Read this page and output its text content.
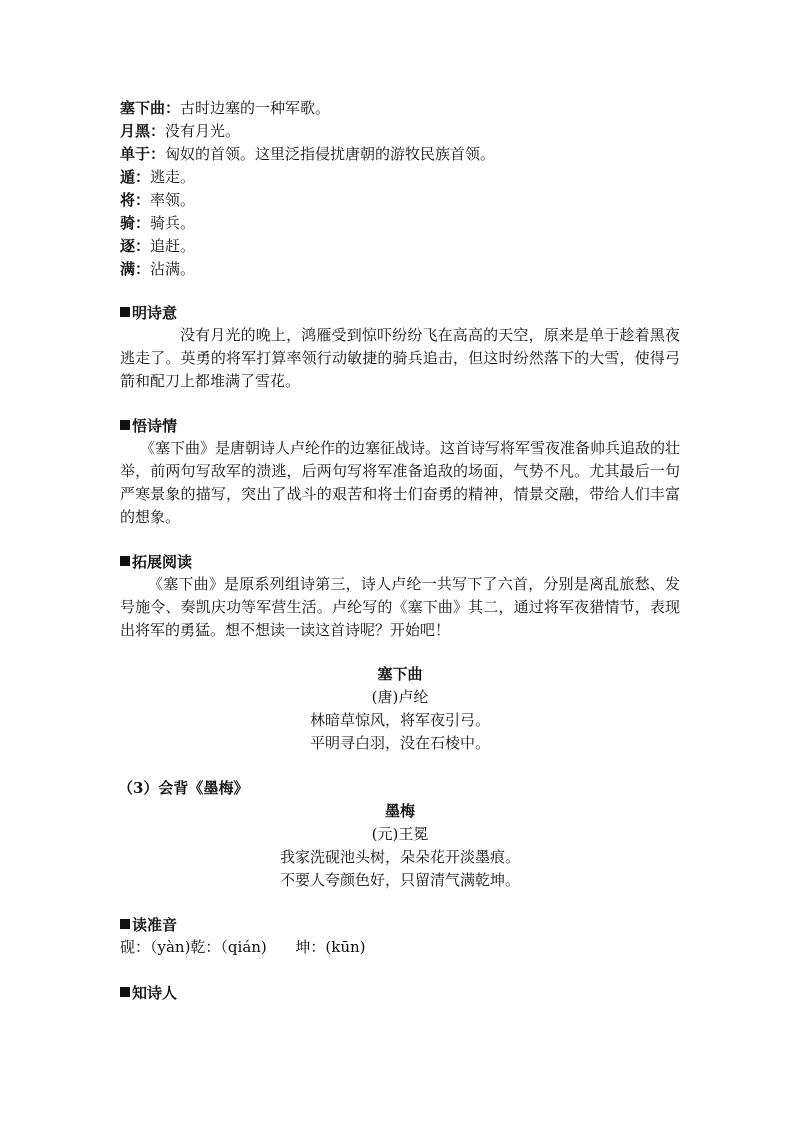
塞下曲：古时边塞的一种军歌。
月黑：没有月光。
单于：匈奴的首领。这里泛指侵扰唐朝的游牧民族首领。
遁：逃走。
将：率领。
骑：骑兵。
逐：追赶。
满：沾满。
明诗意
没有月光的晚上，鸿雁受到惊吓纷纷飞在高高的天空，原来是单于趁着黑夜逃走了。英勇的将军打算率领行动敏捷的骑兵追击，但这时纷然落下的大雪，使得弓箭和配刀上都堆满了雪花。
悟诗情
《塞下曲》是唐朝诗人卢纶作的边塞征战诗。这首诗写将军雪夜准备帅兵追敌的壮举，前两句写敌军的溃逃，后两句写将军准备追敌的场面，气势不凡。尤其最后一句严寒景象的描写，突出了战斗的艰苦和将士们奋勇的精神，情景交融，带给人们丰富的想象。
拓展阅读
《塞下曲》是原系列组诗第三，诗人卢纶一共写下了六首，分别是离乱旅愁、发号施令、奏凯庆功等军营生活。卢纶写的《塞下曲》其二，通过将军夜猎情节，表现出将军的勇猛。想不想读一读这首诗呢？开始吧！
塞下曲
(唐)卢纶
林暗草惊风，将军夜引弓。
平明寻白羽，没在石棱中。
（3）会背《墨梅》
墨梅
(元)王冕
我家洗砚池头树，朵朵花开淡墨痕。
不要人夸颜色好，只留清气满乾坤。
读准音
砚：（yàn)乾：（qián)      坤：(kūn)
知诗人
